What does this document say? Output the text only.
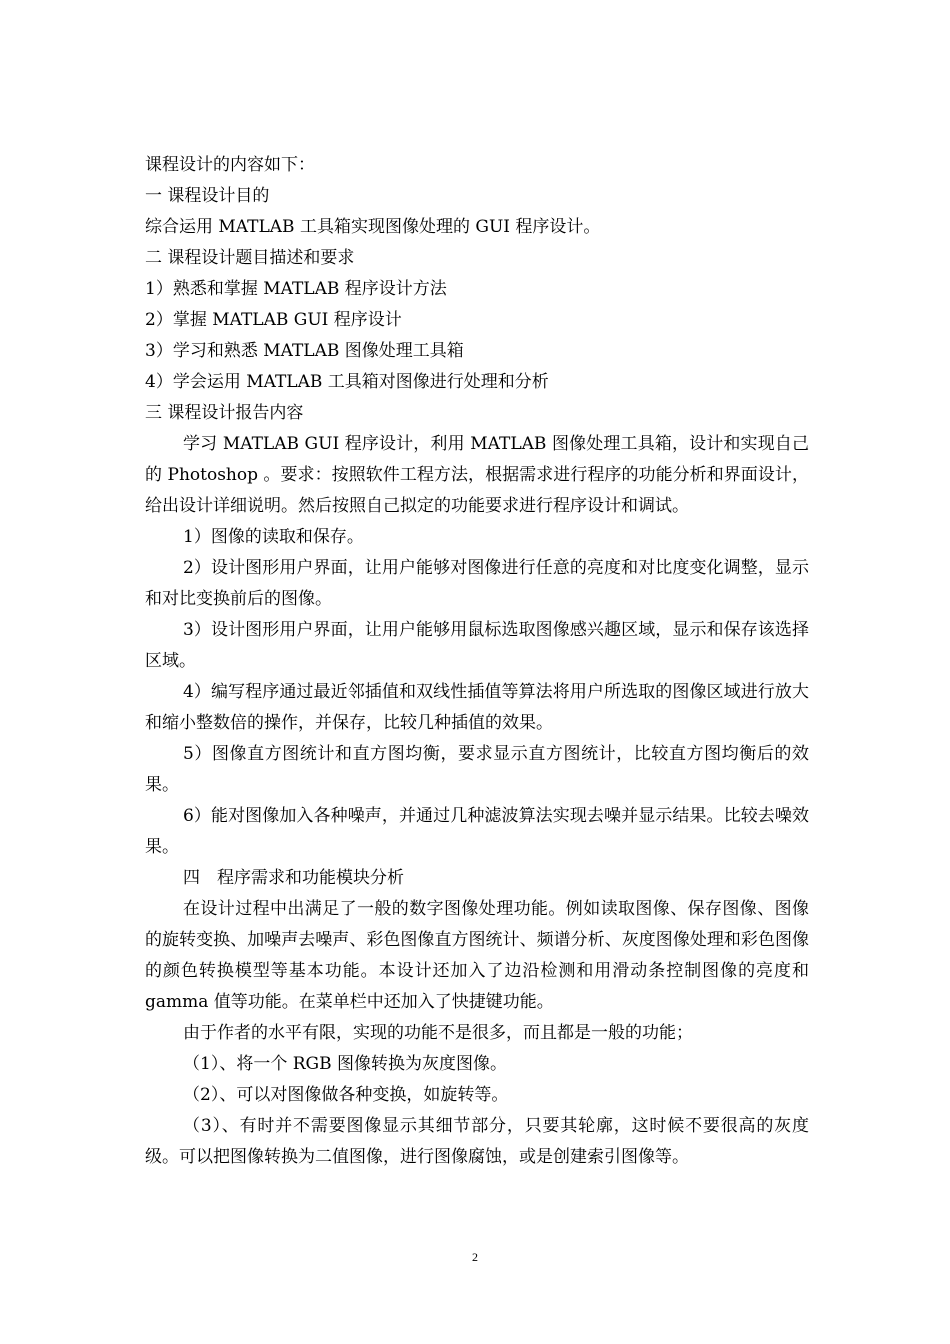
课程设计的内容如下：
一 课程设计目的
综合运用 MATLAB 工具箱实现图像处理的 GUI 程序设计。
二 课程设计题目描述和要求
1）熟悉和掌握 MATLAB 程序设计方法
2）掌握 MATLAB GUI 程序设计
3）学习和熟悉 MATLAB 图像处理工具箱
4）学会运用 MATLAB 工具箱对图像进行处理和分析
三 课程设计报告内容

学习 MATLAB GUI 程序设计，利用 MATLAB 图像处理工具箱，设计和实现自己的 Photoshop 。要求：按照软件工程方法，根据需求进行程序的功能分析和界面设计，给出设计详细说明。然后按照自己拟定的功能要求进行程序设计和调试。

1）图像的读取和保存。

2）设计图形用户界面，让用户能够对图像进行任意的亮度和对比度变化调整，显示和对比变换前后的图像。

3）设计图形用户界面，让用户能够用鼠标选取图像感兴趣区域，显示和保存该选择区域。

4）编写程序通过最近邻插值和双线性插值等算法将用户所选取的图像区域进行放大和缩小整数倍的操作，并保存，比较几种插值的效果。

5）图像直方图统计和直方图均衡，要求显示直方图统计，比较直方图均衡后的效果。

6）能对图像加入各种噪声，并通过几种滤波算法实现去噪并显示结果。比较去噪效果。

四　程序需求和功能模块分析

在设计过程中出满足了一般的数字图像处理功能。例如读取图像、保存图像、图像的旋转变换、加噪声去噪声、彩色图像直方图统计、频谱分析、灰度图像处理和彩色图像的颜色转换模型等基本功能。本设计还加入了边沿检测和用滑动条控制图像的亮度和 gamma 值等功能。在菜单栏中还加入了快捷键功能。

由于作者的水平有限，实现的功能不是很多，而且都是一般的功能；

（1）、将一个 RGB 图像转换为灰度图像。

（2）、可以对图像做各种变换，如旋转等。

（3）、有时并不需要图像显示其细节部分，只要其轮廓，这时候不要很高的灰度级。可以把图像转换为二值图像，进行图像腐蚀，或是创建索引图像等。

2
